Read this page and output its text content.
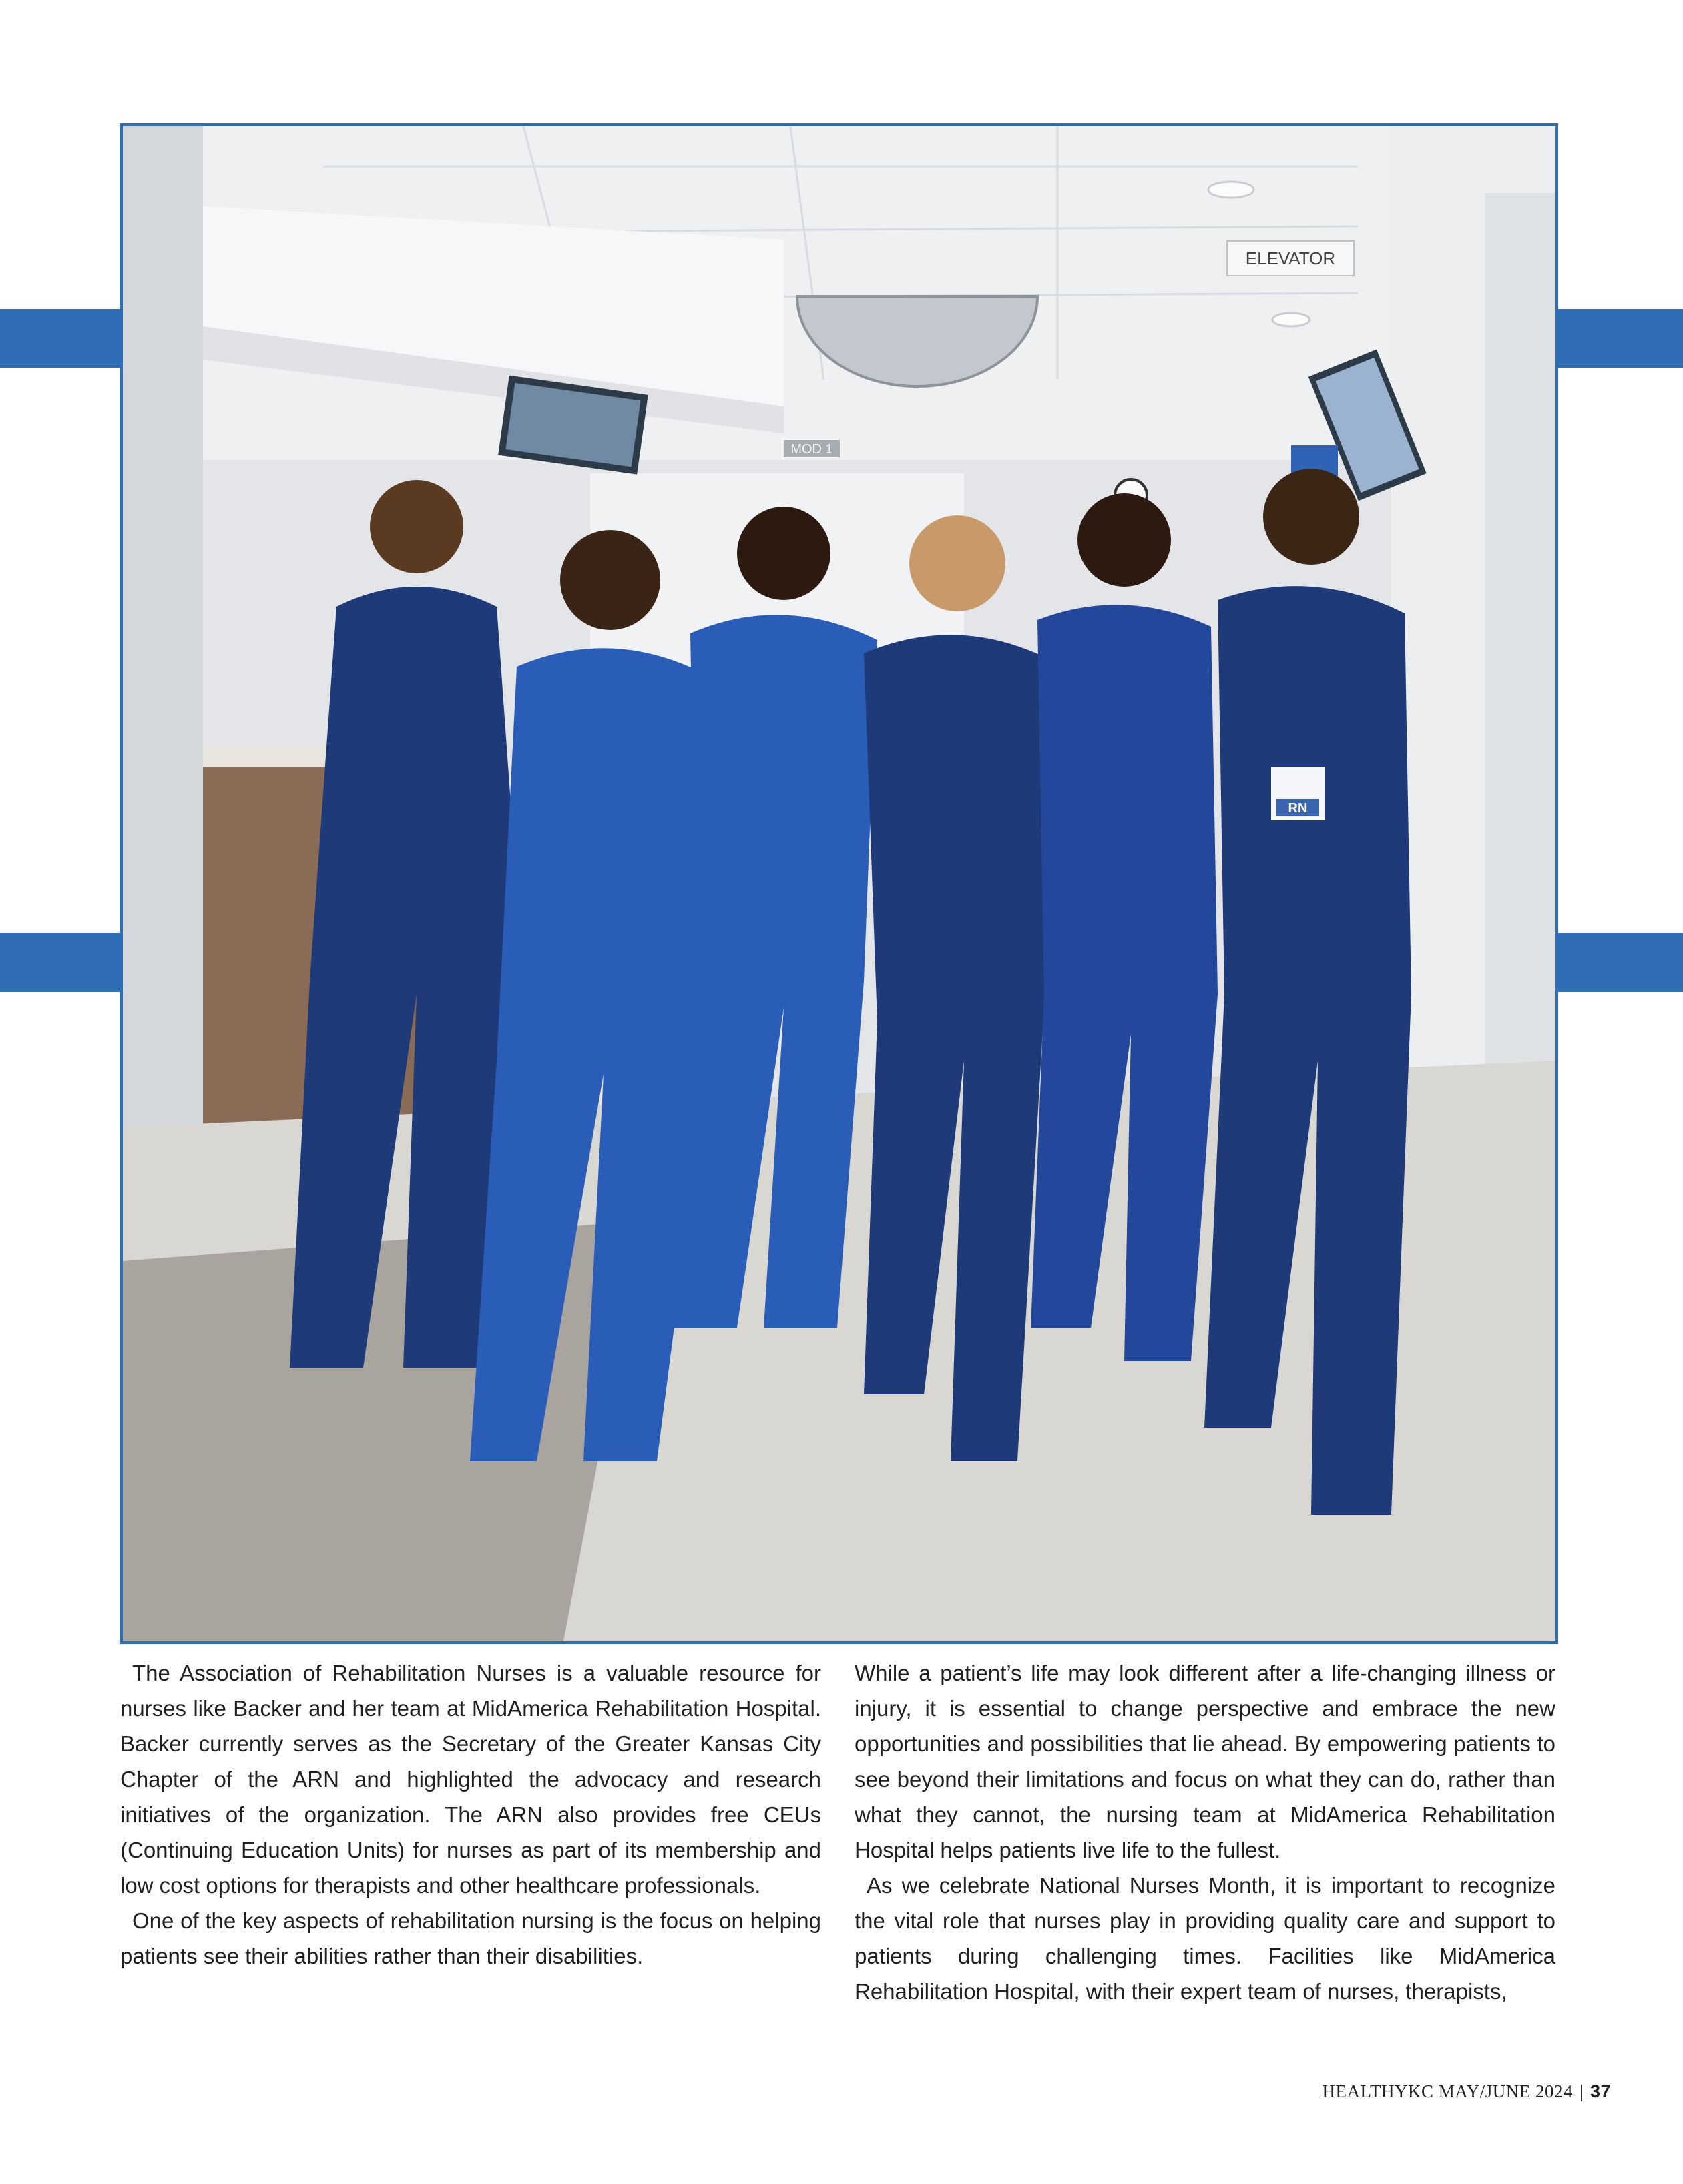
ELEVATOR
MOD 1
RN

The Association of Rehabilitation Nurses is a valuable resource for nurses like Backer and her team at MidAmerica Rehabilitation Hospital. Backer currently serves as the Secretary of the Greater Kansas City Chapter of the ARN and highlighted the advocacy and research initiatives of the organization. The ARN also provides free CEUs (Continuing Education Units) for nurses as part of its membership and low cost options for therapists and other healthcare professionals.

One of the key aspects of rehabilitation nursing is the focus on helping patients see their abilities rather than their disabilities.

While a patient’s life may look different after a life-changing illness or injury, it is essential to change perspective and embrace the new opportunities and possibilities that lie ahead. By empowering patients to see beyond their limitations and focus on what they can do, rather than what they cannot, the nursing team at MidAmerica Rehabilitation Hospital helps patients live life to the fullest.

As we celebrate National Nurses Month, it is important to recognize the vital role that nurses play in providing quality care and support to patients during challenging times. Facilities like MidAmerica Rehabilitation Hospital, with their expert team of nurses, therapists,

HEALTHYKC MAY/JUNE 2024 | 37
